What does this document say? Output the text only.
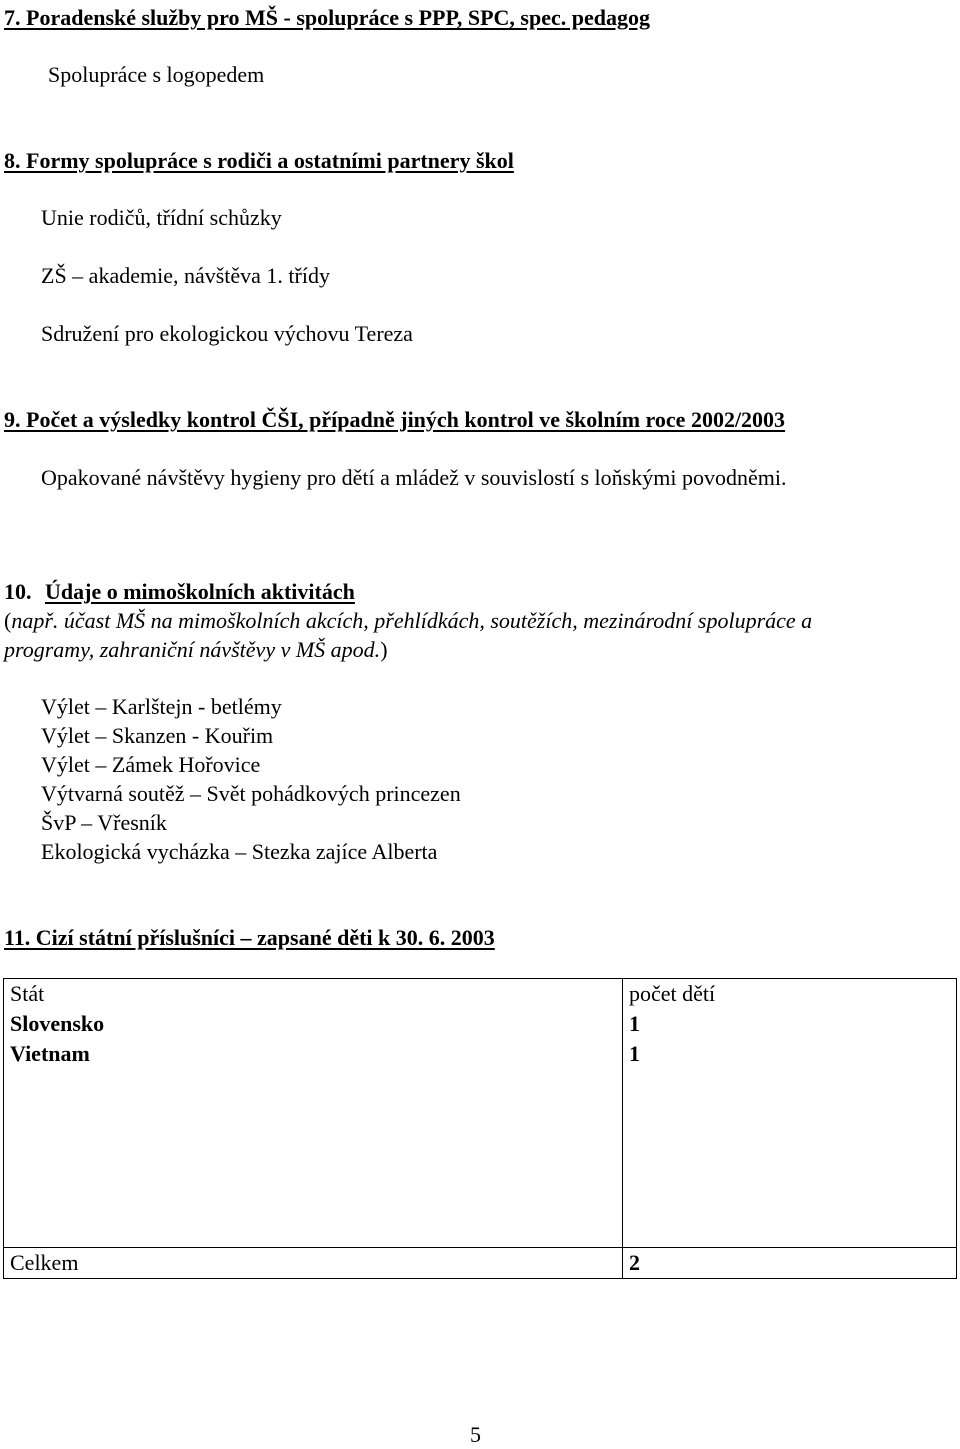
7. Poradenské služby pro MŠ - spolupráce s PPP, SPC, spec. pedagog
Spolupráce s logopedem
8. Formy spolupráce s rodiči a ostatními partnery škol
Unie rodičů, třídní schůzky
ZŠ – akademie, návštěva 1. třídy
Sdružení pro ekologickou výchovu Tereza
9. Počet a výsledky kontrol ČŠI, případně jiných kontrol ve školním roce 2002/2003
Opakované návštěvy hygieny pro dětí a mládež v souvislostí s loňskými povodněmi.
10. Údaje o mimoškolních aktivitách
(např. účast MŠ na mimoškolních akcích, přehlídkách, soutěžích, mezinárodní spolupráce a
programy, zahraniční návštěvy v MŠ apod.)
Výlet – Karlštejn - betlémy
Výlet – Skanzen - Kouřim
Výlet – Zámek Hořovice
Výtvarná soutěž – Svět pohádkových princezen
ŠvP – Vřesník
Ekologická vycházka – Stezka zajíce Alberta
11. Cizí státní příslušníci – zapsané děti k 30. 6. 2003
Stát	počet dětí
Slovensko	1
Vietnam	1

Celkem	2
5
